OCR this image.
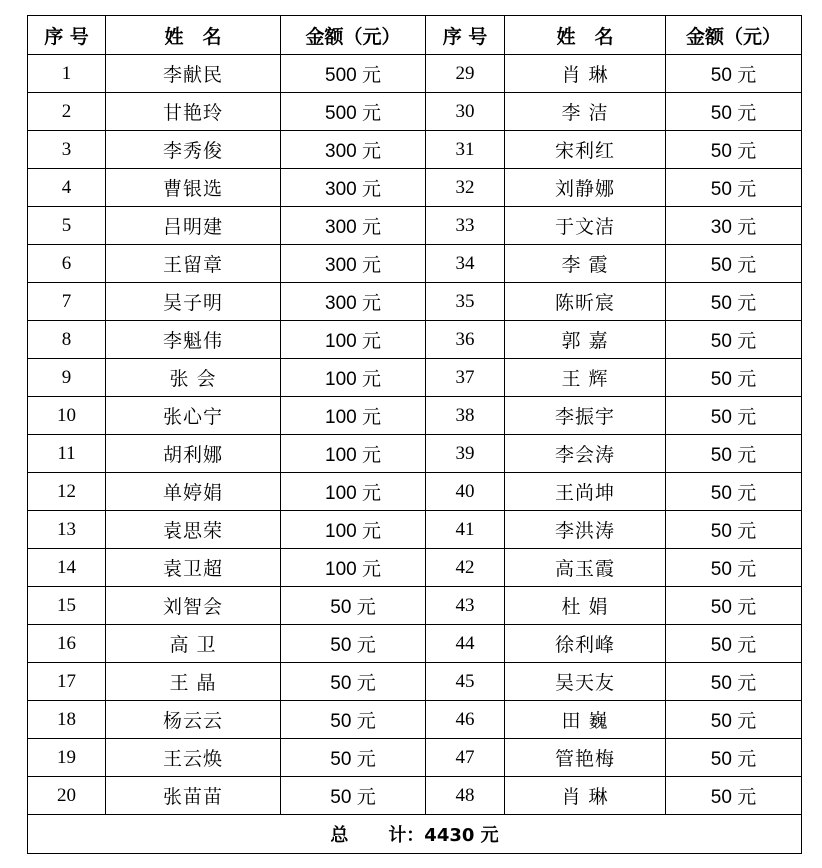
序 号	姓　名	金额（元）	序 号	姓　名	金额（元）
1	李献民	500 元	29	肖 琳	50 元
2	甘艳玲	500 元	30	李 洁	50 元
3	李秀俊	300 元	31	宋利红	50 元
4	曹银选	300 元	32	刘静娜	50 元
5	吕明建	300 元	33	于文洁	30 元
6	王留章	300 元	34	李 霞	50 元
7	吴子明	300 元	35	陈昕宸	50 元
8	李魁伟	100 元	36	郭 嘉	50 元
9	张 会	100 元	37	王 辉	50 元
10	张心宁	100 元	38	李振宇	50 元
11	胡利娜	100 元	39	李会涛	50 元
12	单婷娟	100 元	40	王尚坤	50 元
13	袁思荣	100 元	41	李洪涛	50 元
14	袁卫超	100 元	42	高玉霞	50 元
15	刘智会	50 元	43	杜 娟	50 元
16	高 卫	50 元	44	徐利峰	50 元
17	王 晶	50 元	45	吴天友	50 元
18	杨云云	50 元	46	田 巍	50 元
19	王云焕	50 元	47	管艳梅	50 元
20	张苗苗	50 元	48	肖 琳	50 元
总 计：4430 元					
